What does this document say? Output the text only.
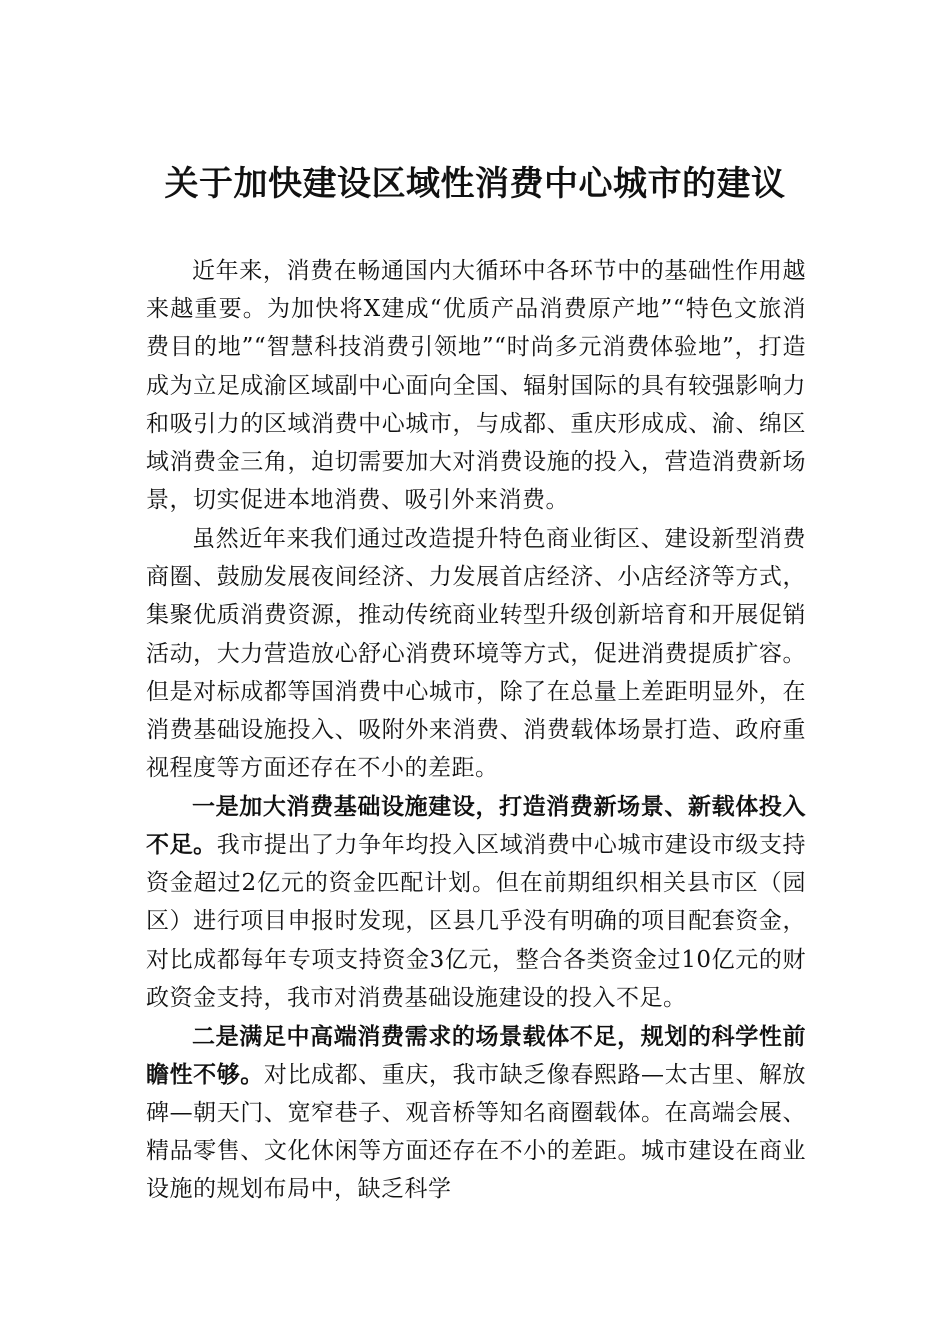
关于加快建设区域性消费中心城市的建议

近年来，消费在畅通国内大循环中各环节中的基础性作用越来越重要。为加快将X建成“优质产品消费原产地”“特色文旅消费目的地”“智慧科技消费引领地”“时尚多元消费体验地”，打造成为立足成渝区域副中心面向全国、辐射国际的具有较强影响力和吸引力的区域消费中心城市，与成都、重庆形成成、渝、绵区域消费金三角，迫切需要加大对消费设施的投入，营造消费新场景，切实促进本地消费、吸引外来消费。

虽然近年来我们通过改造提升特色商业街区、建设新型消费商圈、鼓励发展夜间经济、力发展首店经济、小店经济等方式，集聚优质消费资源，推动传统商业转型升级创新培育和开展促销活动，大力营造放心舒心消费环境等方式，促进消费提质扩容。但是对标成都等国消费中心城市，除了在总量上差距明显外，在消费基础设施投入、吸附外来消费、消费载体场景打造、政府重视程度等方面还存在不小的差距。

一是加大消费基础设施建设，打造消费新场景、新载体投入不足。我市提出了力争年均投入区域消费中心城市建设市级支持资金超过2亿元的资金匹配计划。但在前期组织相关县市区（园区）进行项目申报时发现，区县几乎没有明确的项目配套资金，对比成都每年专项支持资金3亿元，整合各类资金过10亿元的财政资金支持，我市对消费基础设施建设的投入不足。

二是满足中高端消费需求的场景载体不足，规划的科学性前瞻性不够。对比成都、重庆，我市缺乏像春熙路—太古里、解放碑—朝天门、宽窄巷子、观音桥等知名商圈载体。在高端会展、精品零售、文化休闲等方面还存在不小的差距。城市建设在商业设施的规划布局中，缺乏科学
